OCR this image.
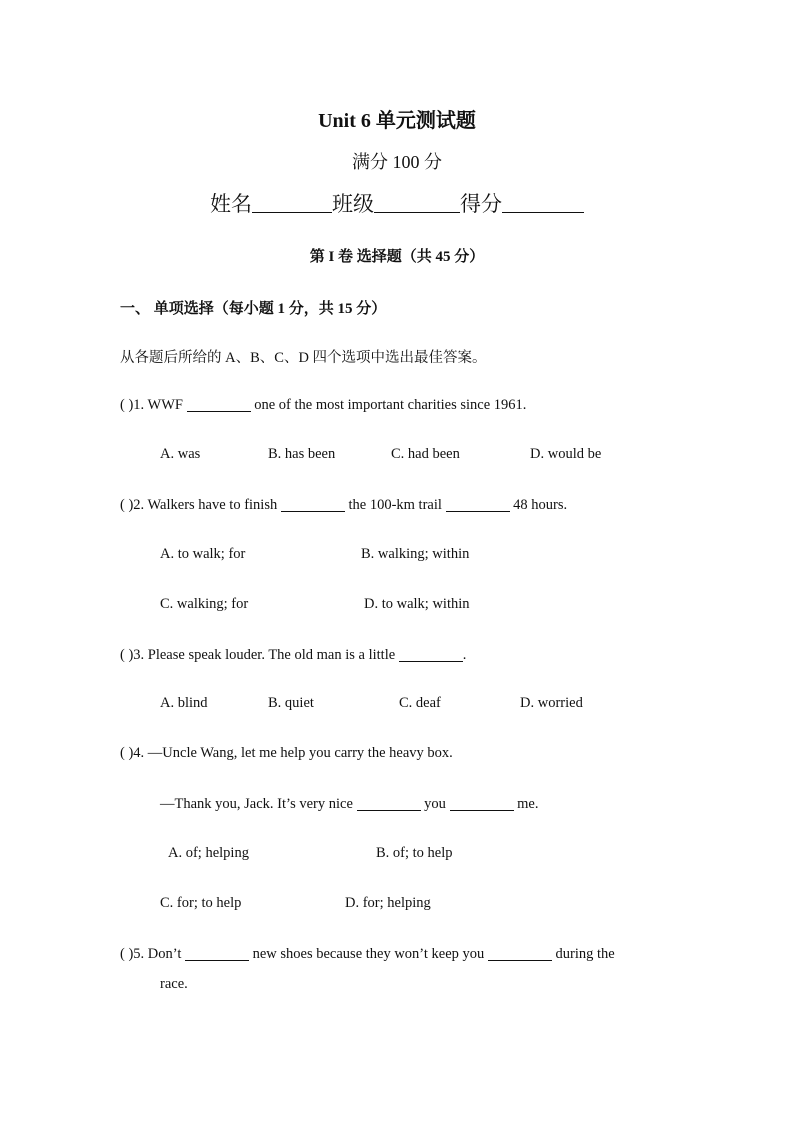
Unit 6 单元测试题
满分 100 分
姓名	班级	得分
第 I 卷 选择题（共 45 分）
一、 单项选择（每小题 1 分，共 15 分）
从各题后所给的 A、B、C、D 四个选项中选出最佳答案。
( )1. WWF	one of the most important charities since 1961.
A. was	B. has been	C. had been	D. would be
( )2. Walkers have to finish	the 100-km trail	48 hours.
A. to walk; for	B. walking; within
C. walking; for	D. to walk; within
( )3. Please speak louder. The old man is a little	.
A. blind	B. quiet	C. deaf	D. worried
( )4. —Uncle Wang, let me help you carry the heavy box.
—Thank you, Jack. It’s very nice	you	me.
A. of; helping	B. of; to help
C. for; to help	D. for; helping
( )5. Don’t	new shoes because they won’t keep you	during the
race.
